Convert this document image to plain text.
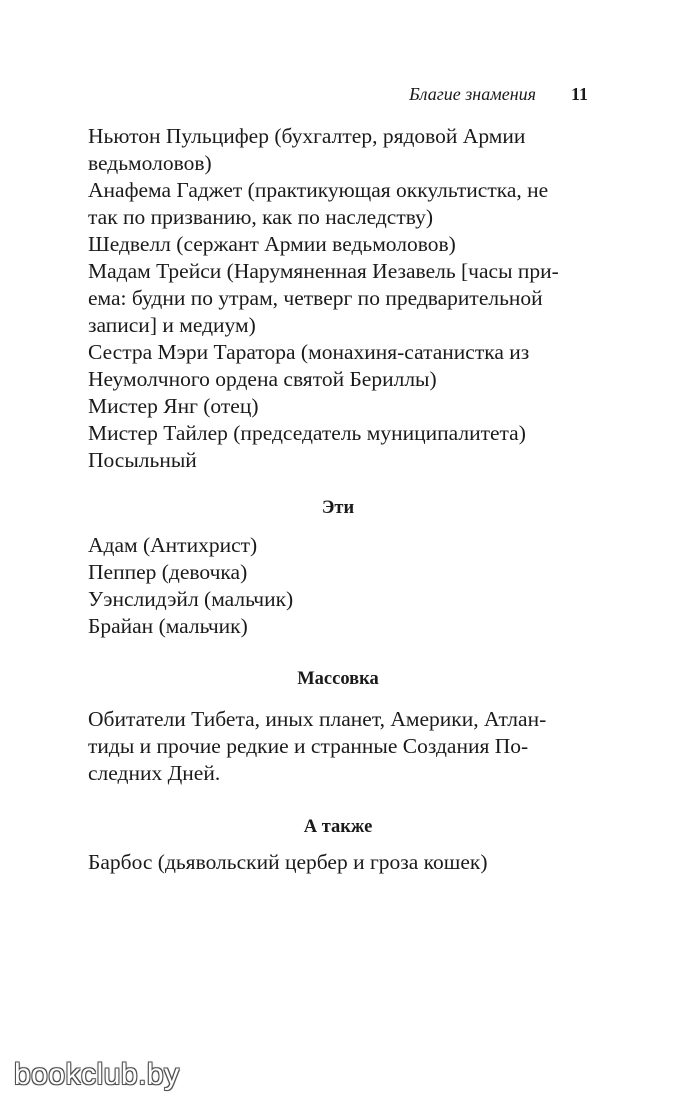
Благие знамения 11
Ньютон Пульцифер (бухгалтер, рядовой Армии
ведьмоловов)
Анафема Гаджет (практикующая оккультистка, не
так по призванию, как по наследству)
Шедвелл (сержант Армии ведьмоловов)
Мадам Трейси (Нарумяненная Иезавель [часы при-
ема: будни по утрам, четверг по предварительной
записи] и медиум)
Сестра Мэри Таратора (монахиня-сатанистка из
Неумолчного ордена святой Бериллы)
Мистер Янг (отец)
Мистер Тайлер (председатель муниципалитета)
Посыльный
Эти
Адам (Антихрист)
Пеппер (девочка)
Уэнслидэйл (мальчик)
Брайан (мальчик)
Массовка
Обитатели Тибета, иных планет, Америки, Атлан-
тиды и прочие редкие и странные Создания По-
следних Дней.
А также
Барбос (дьявольский цербер и гроза кошек)
bookclub.by
